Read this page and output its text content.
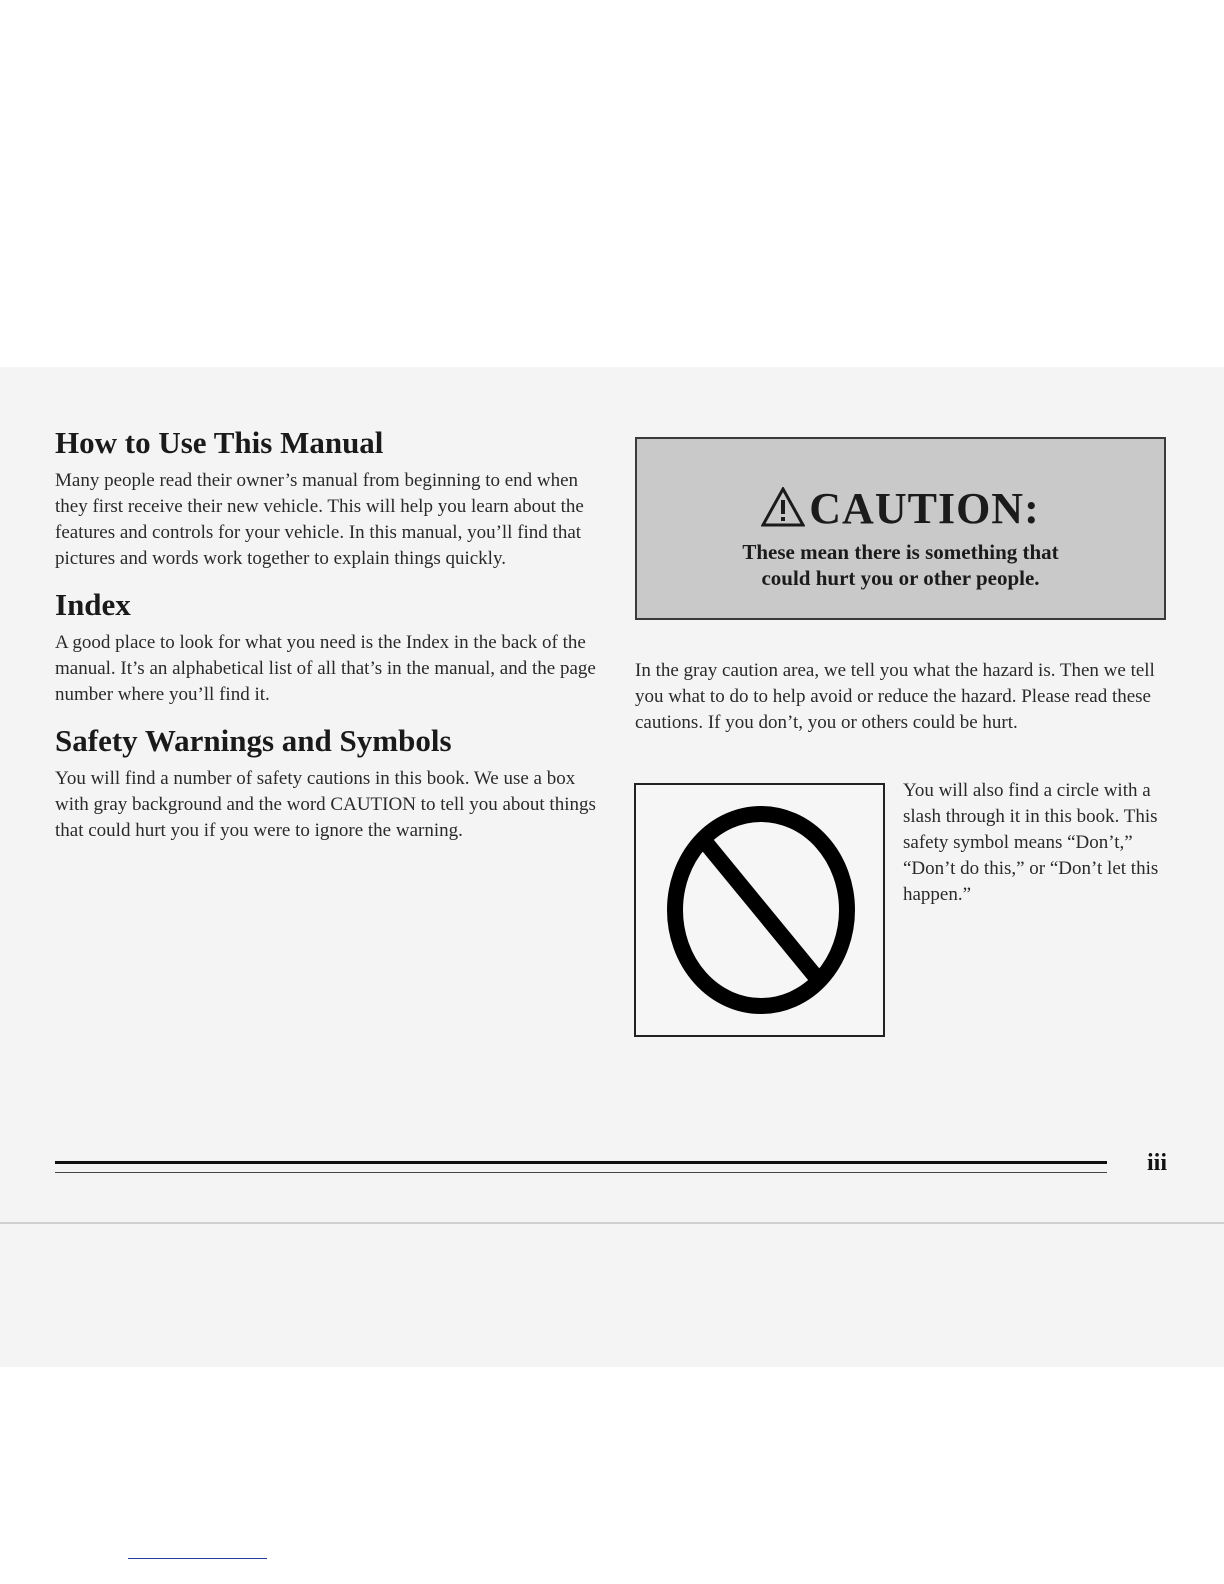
How to Use This Manual

Many people read their owner’s manual from beginning to end when they first receive their new vehicle. This will help you learn about the features and controls for your vehicle. In this manual, you’ll find that pictures and words work together to explain things quickly.

Index

A good place to look for what you need is the Index in the back of the manual. It’s an alphabetical list of all that’s in the manual, and the page number where you’ll find it.

Safety Warnings and Symbols

You will find a number of safety cautions in this book. We use a box with gray background and the word CAUTION to tell you about things that could hurt you if you were to ignore the warning.

CAUTION:
These mean there is something that
could hurt you or other people.

In the gray caution area, we tell you what the hazard is. Then we tell you what to do to help avoid or reduce the hazard. Please read these cautions. If you don’t, you or others could be hurt.

You will also find a circle with a slash through it in this book. This safety symbol means “Don’t,” “Don’t do this,” or “Don’t let this happen.”

iii
